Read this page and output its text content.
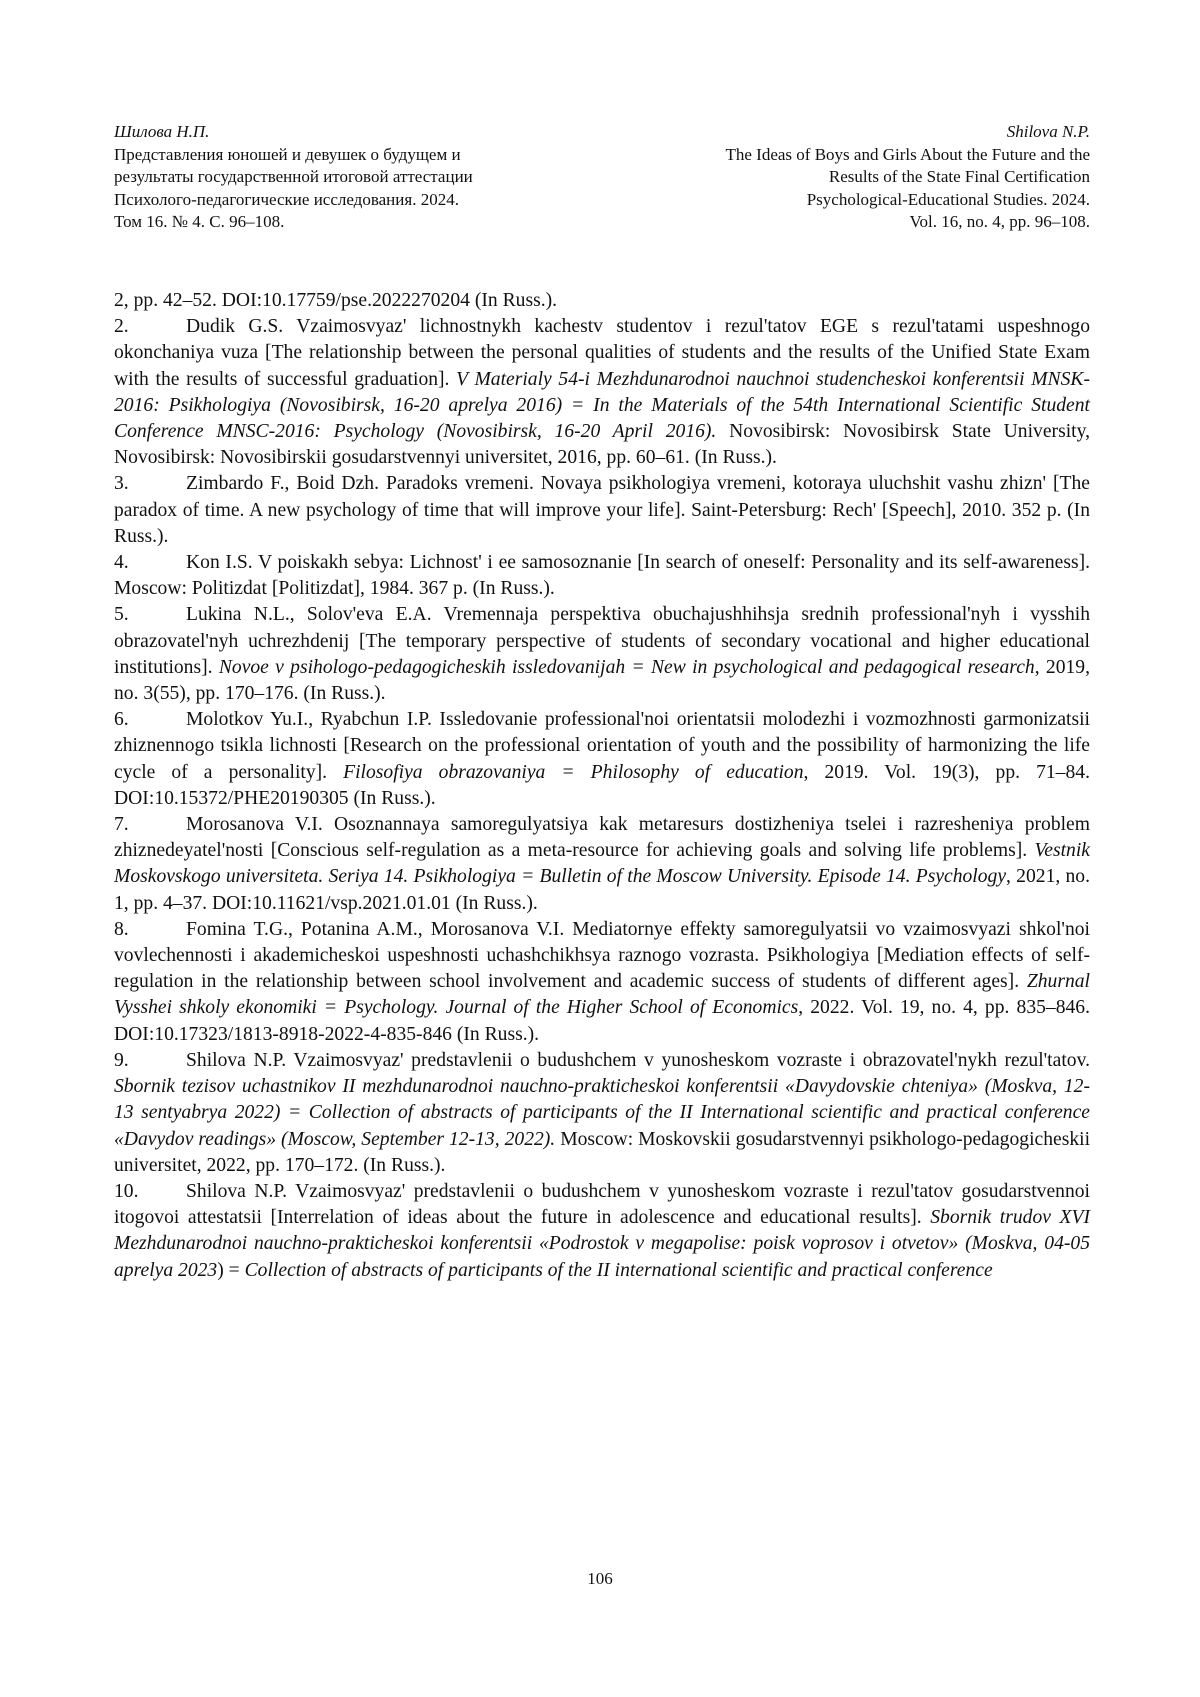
Шилова Н.П.
Представления юношей и девушек о будущем и
результаты государственной итоговой аттестации
Психолого-педагогические исследования. 2024.
Том 16. № 4. С. 96–108.
Shilova N.P.
The Ideas of Boys and Girls About the Future and the
Results of the State Final Certification
Psychological-Educational Studies. 2024.
Vol. 16, no. 4, pp. 96–108.

2, pp. 42–52. DOI:10.17759/pse.2022270204 (In Russ.).

2.	Dudik G.S. Vzaimosvyaz' lichnostnykh kachestv studentov i rezul'tatov EGE s rezul'tatami uspeshnogo okonchaniya vuza [The relationship between the personal qualities of students and the results of the Unified State Exam with the results of successful graduation]. V Materialy 54-i Mezhdunarodnoi nauchnoi studencheskoi konferentsii MNSK-2016: Psikhologiya (Novosibirsk, 16-20 aprelya 2016) = In the Materials of the 54th International Scientific Student Conference MNSC-2016: Psychology (Novosibirsk, 16-20 April 2016). Novosibirsk: Novosibirsk State University, Novosibirsk: Novosibirskii gosudarstvennyi universitet, 2016, pp. 60–61. (In Russ.).

3.	Zimbardo F., Boid Dzh. Paradoks vremeni. Novaya psikhologiya vremeni, kotoraya uluchshit vashu zhizn' [The paradox of time. A new psychology of time that will improve your life]. Saint-Petersburg: Rech' [Speech], 2010. 352 p. (In Russ.).

4.	Kon I.S. V poiskakh sebya: Lichnost' i ee samosoznanie [In search of oneself: Personality and its self-awareness]. Moscow: Politizdat [Politizdat], 1984. 367 p. (In Russ.).

5.	Lukina N.L., Solov'eva E.A. Vremennaja perspektiva obuchajushhihsja srednih professional'nyh i vysshih obrazovatel'nyh uchrezhdenij [The temporary perspective of students of secondary vocational and higher educational institutions]. Novoe v psihologo-pedagogicheskih issledovanijah = New in psychological and pedagogical research, 2019, no. 3(55), pp. 170–176. (In Russ.).

6.	Molotkov Yu.I., Ryabchun I.P. Issledovanie professional'noi orientatsii molodezhi i vozmozhnosti garmonizatsii zhiznennogo tsikla lichnosti [Research on the professional orientation of youth and the possibility of harmonizing the life cycle of a personality]. Filosofiya obrazovaniya = Philosophy of education, 2019. Vol. 19(3), pp. 71–84. DOI:10.15372/PHE20190305 (In Russ.).

7.	Morosanova V.I. Osoznannaya samoregulyatsiya kak metaresurs dostizheniya tselei i razresheniya problem zhiznedeyatel'nosti [Conscious self-regulation as a meta-resource for achieving goals and solving life problems]. Vestnik Moskovskogo universiteta. Seriya 14. Psikhologiya = Bulletin of the Moscow University. Episode 14. Psychology, 2021, no. 1, pp. 4–37. DOI:10.11621/vsp.2021.01.01 (In Russ.).

8.	Fomina T.G., Potanina A.M., Morosanova V.I. Mediatornye effekty samoregulyatsii vo vzaimosvyazi shkol'noi vovlechennosti i akademicheskoi uspeshnosti uchashchikhsya raznogo vozrasta. Psikhologiya [Mediation effects of self-regulation in the relationship between school involvement and academic success of students of different ages]. Zhurnal Vysshei shkoly ekonomiki = Psychology. Journal of the Higher School of Economics, 2022. Vol. 19, no. 4, pp. 835–846. DOI:10.17323/1813-8918-2022-4-835-846 (In Russ.).

9.	Shilova N.P. Vzaimosvyaz' predstavlenii o budushchem v yunosheskom vozraste i obrazovatel'nykh rezul'tatov. Sbornik tezisov uchastnikov II mezhdunarodnoi nauchno-prakticheskoi konferentsii «Davydovskie chteniya» (Moskva, 12-13 sentyabrya 2022) = Collection of abstracts of participants of the II International scientific and practical conference «Davydov readings» (Moscow, September 12-13, 2022). Moscow: Moskovskii gosudarstvennyi psikhologo-pedagogicheskii universitet, 2022, pp. 170–172. (In Russ.).

10. Shilova N.P. Vzaimosvyaz' predstavlenii o budushchem v yunosheskom vozraste i rezul'tatov gosudarstvennoi itogovoi attestatsii [Interrelation of ideas about the future in adolescence and educational results]. Sbornik trudov XVI Mezhdunarodnoi nauchno-prakticheskoi konferentsii «Podrostok v megapolise: poisk voprosov i otvetov» (Moskva, 04-05 aprelya 2023) = Collection of abstracts of participants of the II international scientific and practical conference

106
